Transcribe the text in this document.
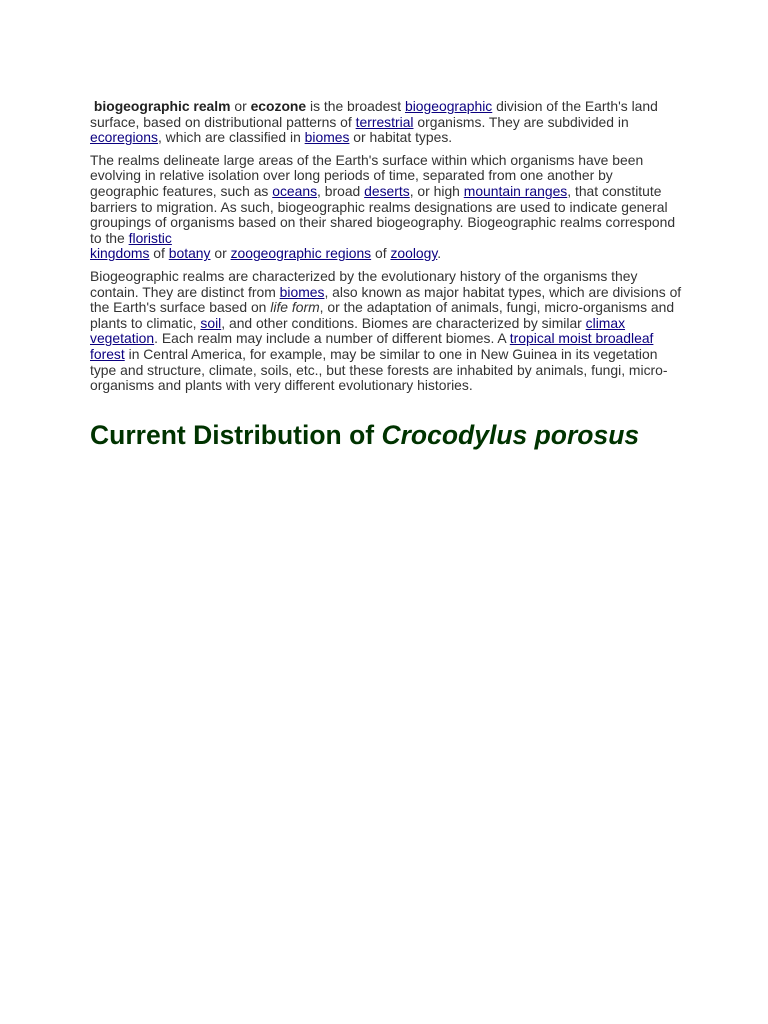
biogeographic realm or ecozone is the broadest biogeographic division of the Earth's land surface, based on distributional patterns of terrestrial organisms. They are subdivided in ecoregions, which are classified in biomes or habitat types.

The realms delineate large areas of the Earth's surface within which organisms have been evolving in relative isolation over long periods of time, separated from one another by geographic features, such as oceans, broad deserts, or high mountain ranges, that constitute barriers to migration. As such, biogeographic realms designations are used to indicate general groupings of organisms based on their shared biogeography. Biogeographic realms correspond to the floristic
kingdoms of botany or zoogeographic regions of zoology.

Biogeographic realms are characterized by the evolutionary history of the organisms they contain. They are distinct from biomes, also known as major habitat types, which are divisions of the Earth's surface based on life form, or the adaptation of animals, fungi, micro-organisms and plants to climatic, soil, and other conditions. Biomes are characterized by similar climax vegetation. Each realm may include a number of different biomes. A tropical moist broadleaf forest in Central America, for example, may be similar to one in New Guinea in its vegetation type and structure, climate, soils, etc., but these forests are inhabited by animals, fungi, micro-organisms and plants with very different evolutionary histories.

Current Distribution of Crocodylus porosus
